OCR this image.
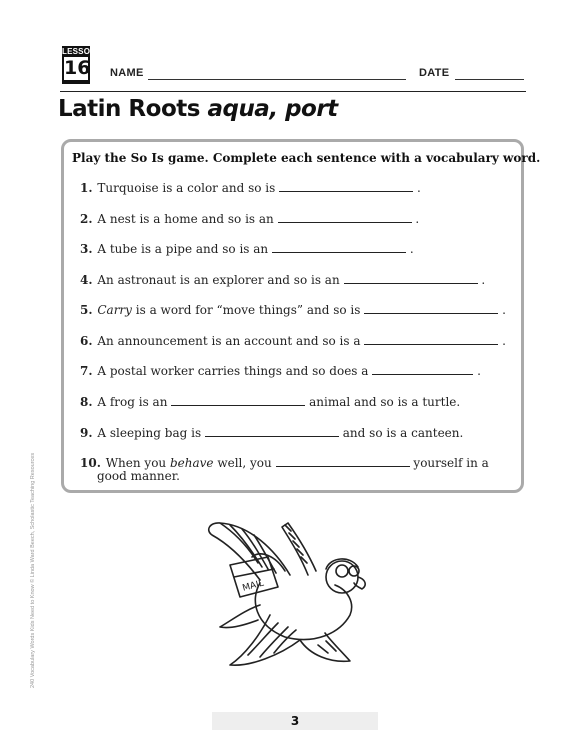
LESSON
16 NAME	DATE
Latin Roots aqua, port
Play the So Is game. Complete each sentence with a vocabulary word.
1. Turquoise is a color and so is	.
2. A nest is a home and so is an	.
3. A tube is a pipe and so is an	.
4. An astronaut is an explorer and so is an	.
5. Carry is a word for “move things” and so is	.
6. An announcement is an account and so is a	.
7. A postal worker carries things and so does a	.
8. A frog is an	animal and so is a turtle.
9. A sleeping bag is	and so is a canteen.
10. When you behave well, you	yourself in a
good manner.
MAIL
3
240 Vocabulary Words Kids Need to Know © Linda Ward Beech, Scholastic Teaching Resources
